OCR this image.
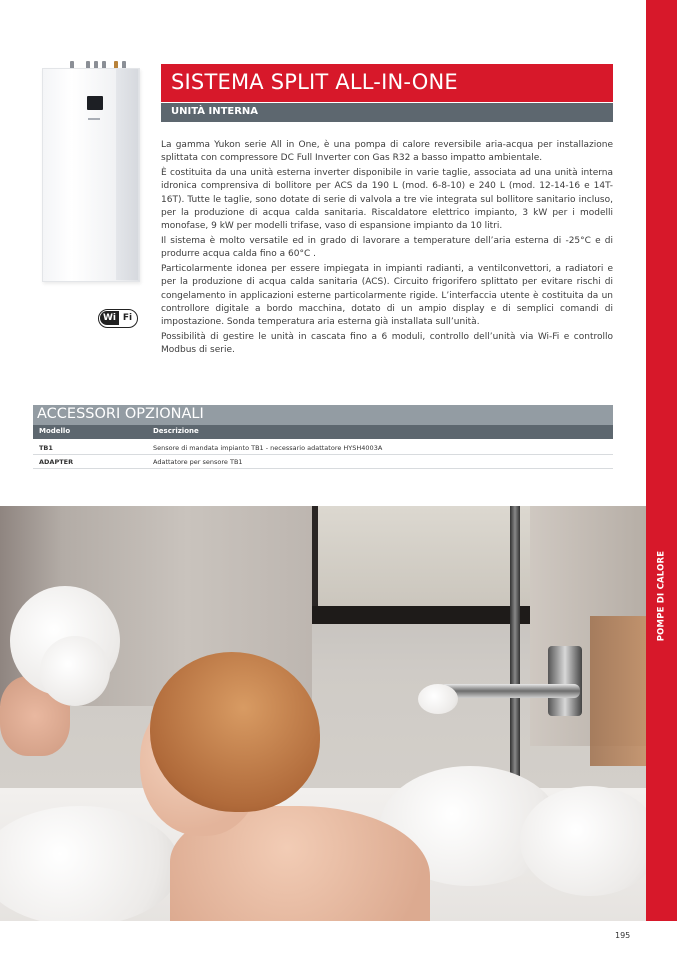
POMPE DI CALORE
Wi Fi
SISTEMA SPLIT ALL-IN-ONE
UNITÀ INTERNA

La gamma Yukon serie All in One, è una pompa di calore reversibile aria-acqua per installazione splittata con compressore DC Full Inverter con Gas R32 a basso impatto ambientale.

È costituita da una unità esterna inverter disponibile in varie taglie, associata ad una unità interna idronica comprensiva di bollitore per ACS da 190 L (mod. 6-8-10) e 240 L (mod. 12-14-16 e 14T-16T). Tutte le taglie, sono dotate di serie di valvola a tre vie integrata sul bollitore sanitario incluso, per la produzione di acqua calda sanitaria. Riscaldatore elettrico impianto, 3 kW per i modelli monofase, 9 kW per modelli trifase, vaso di espansione impianto da 10 litri.

Il sistema è molto versatile ed in grado di lavorare a temperature dell’aria esterna di -25°C e di produrre acqua calda fino a 60°C .

Particolarmente idonea per essere impiegata in impianti radianti, a ventilconvettori, a radiatori e per la produzione di acqua calda sanitaria (ACS). Circuito frigorifero splittato per evitare rischi di congelamento in applicazioni esterne particolarmente rigide. L’interfaccia utente è costituita da un controllore digitale a bordo macchina, dotato di un ampio display e di semplici comandi di impostazione. Sonda temperatura aria esterna già installata sull’unità.

Possibilità di gestire le unità in cascata fino a 6 moduli, controllo dell’unità via Wi-Fi e controllo Modbus di serie.

ACCESSORI OPZIONALI
Modello	Descrizione
TB1	Sensore di mandata impianto TB1 - necessario adattatore HYSH4003A
ADAPTER	Adattatore per sensore TB1
195
